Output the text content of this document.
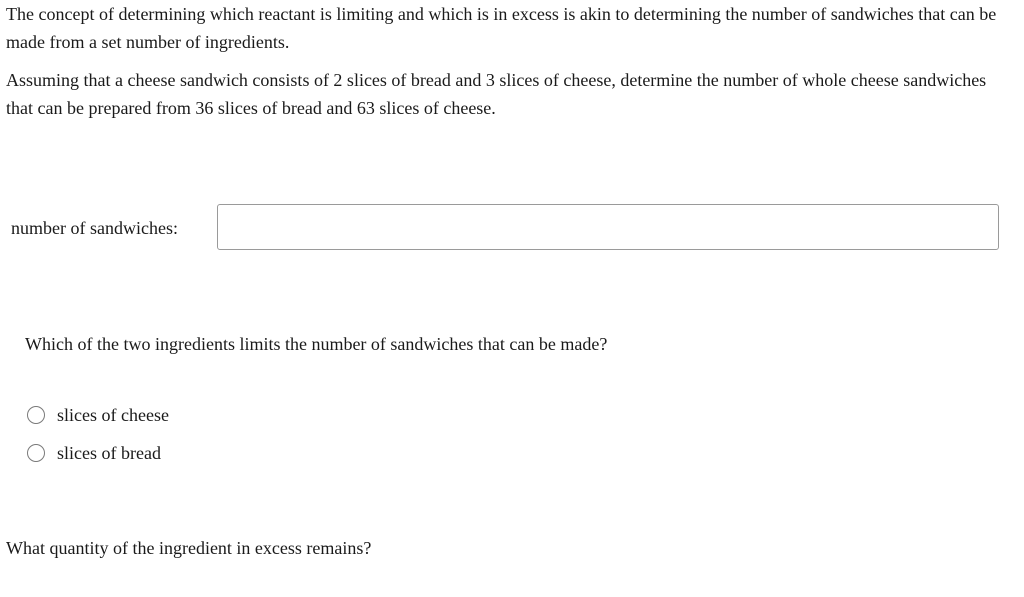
The concept of determining which reactant is limiting and which is in excess is akin to determining the number of sandwiches that can be made from a set number of ingredients.

Assuming that a cheese sandwich consists of 2 slices of bread and 3 slices of cheese, determine the number of whole cheese sandwiches that can be prepared from 36 slices of bread and 63 slices of cheese.

number of sandwiches:
Which of the two ingredients limits the number of sandwiches that can be made?
slices of cheese
slices of bread
What quantity of the ingredient in excess remains?
